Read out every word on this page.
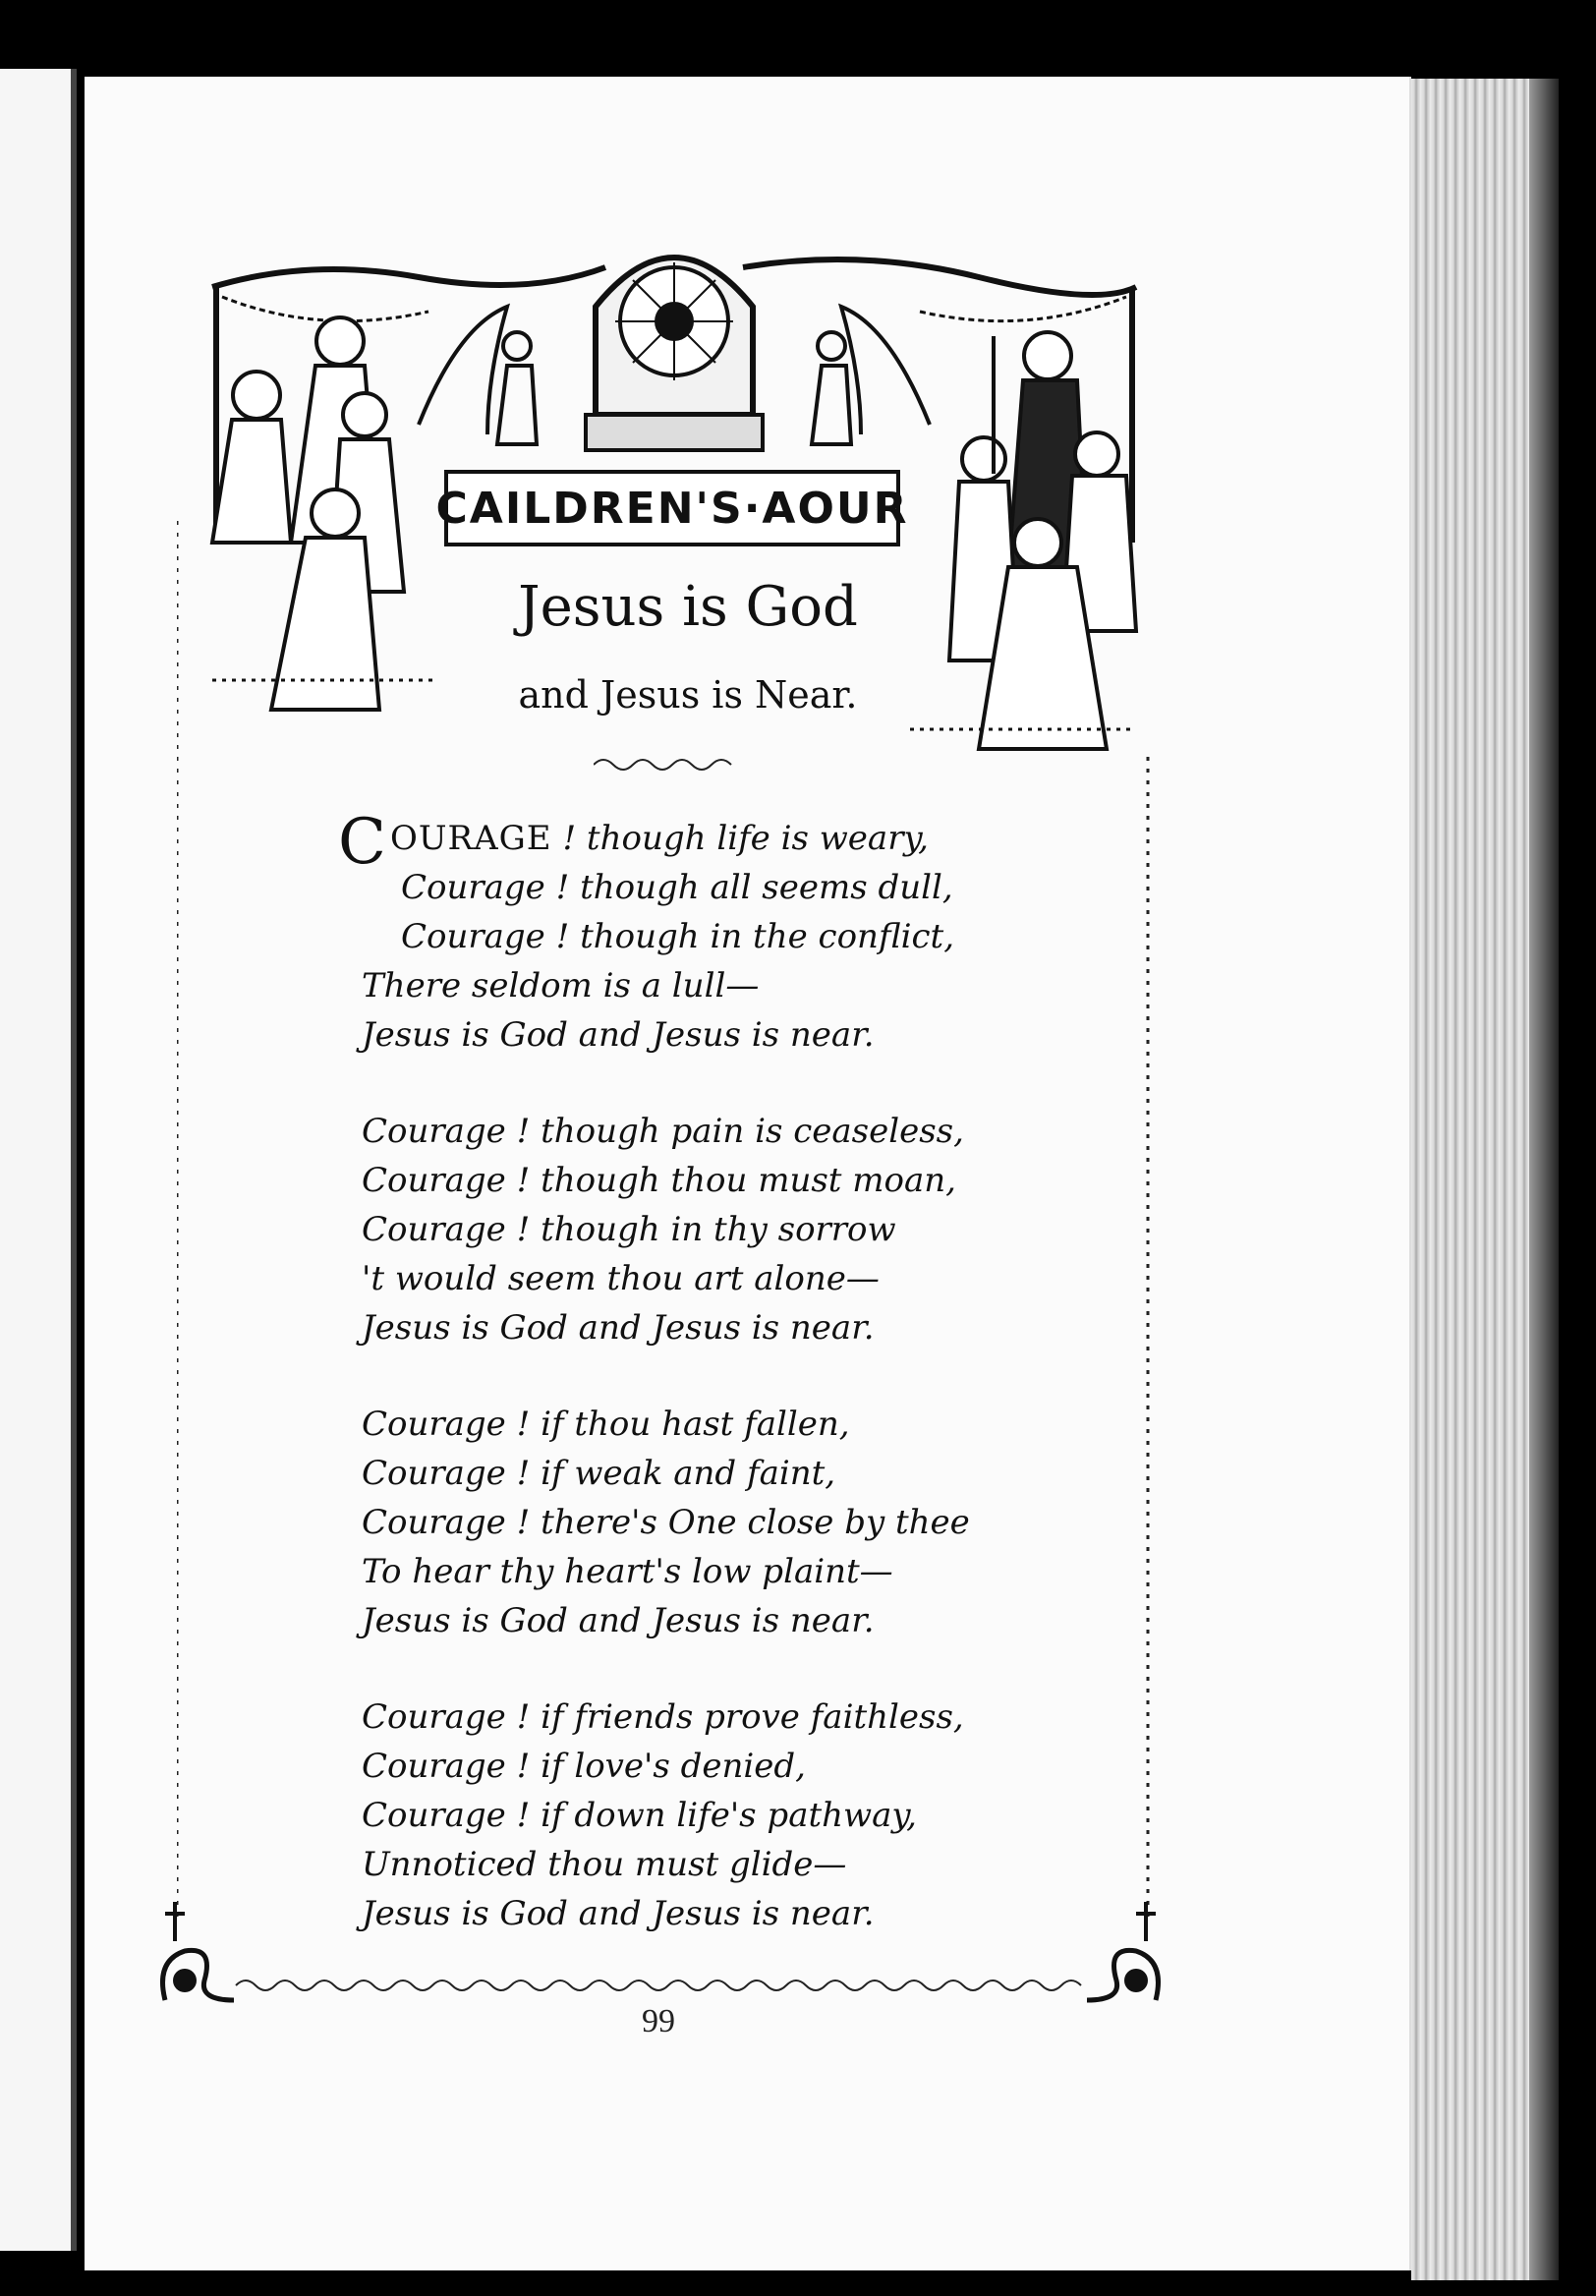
CAILDREN'S·AOUR
Jesus is God
and Jesus is Near.
COURAGE ! though life is weary,
Courage ! though all seems dull,
Courage ! though in the conflict,
There seldom is a lull—
Jesus is God and Jesus is near.
Courage ! though pain is ceaseless,
Courage ! though thou must moan,
Courage ! though in thy sorrow
't would seem thou art alone—
Jesus is God and Jesus is near.
Courage ! if thou hast fallen,
Courage ! if weak and faint,
Courage ! there's One close by thee
To hear thy heart's low plaint—
Jesus is God and Jesus is near.
Courage ! if friends prove faithless,
Courage ! if love's denied,
Courage ! if down life's pathway,
Unnoticed thou must glide—
Jesus is God and Jesus is near.
99
